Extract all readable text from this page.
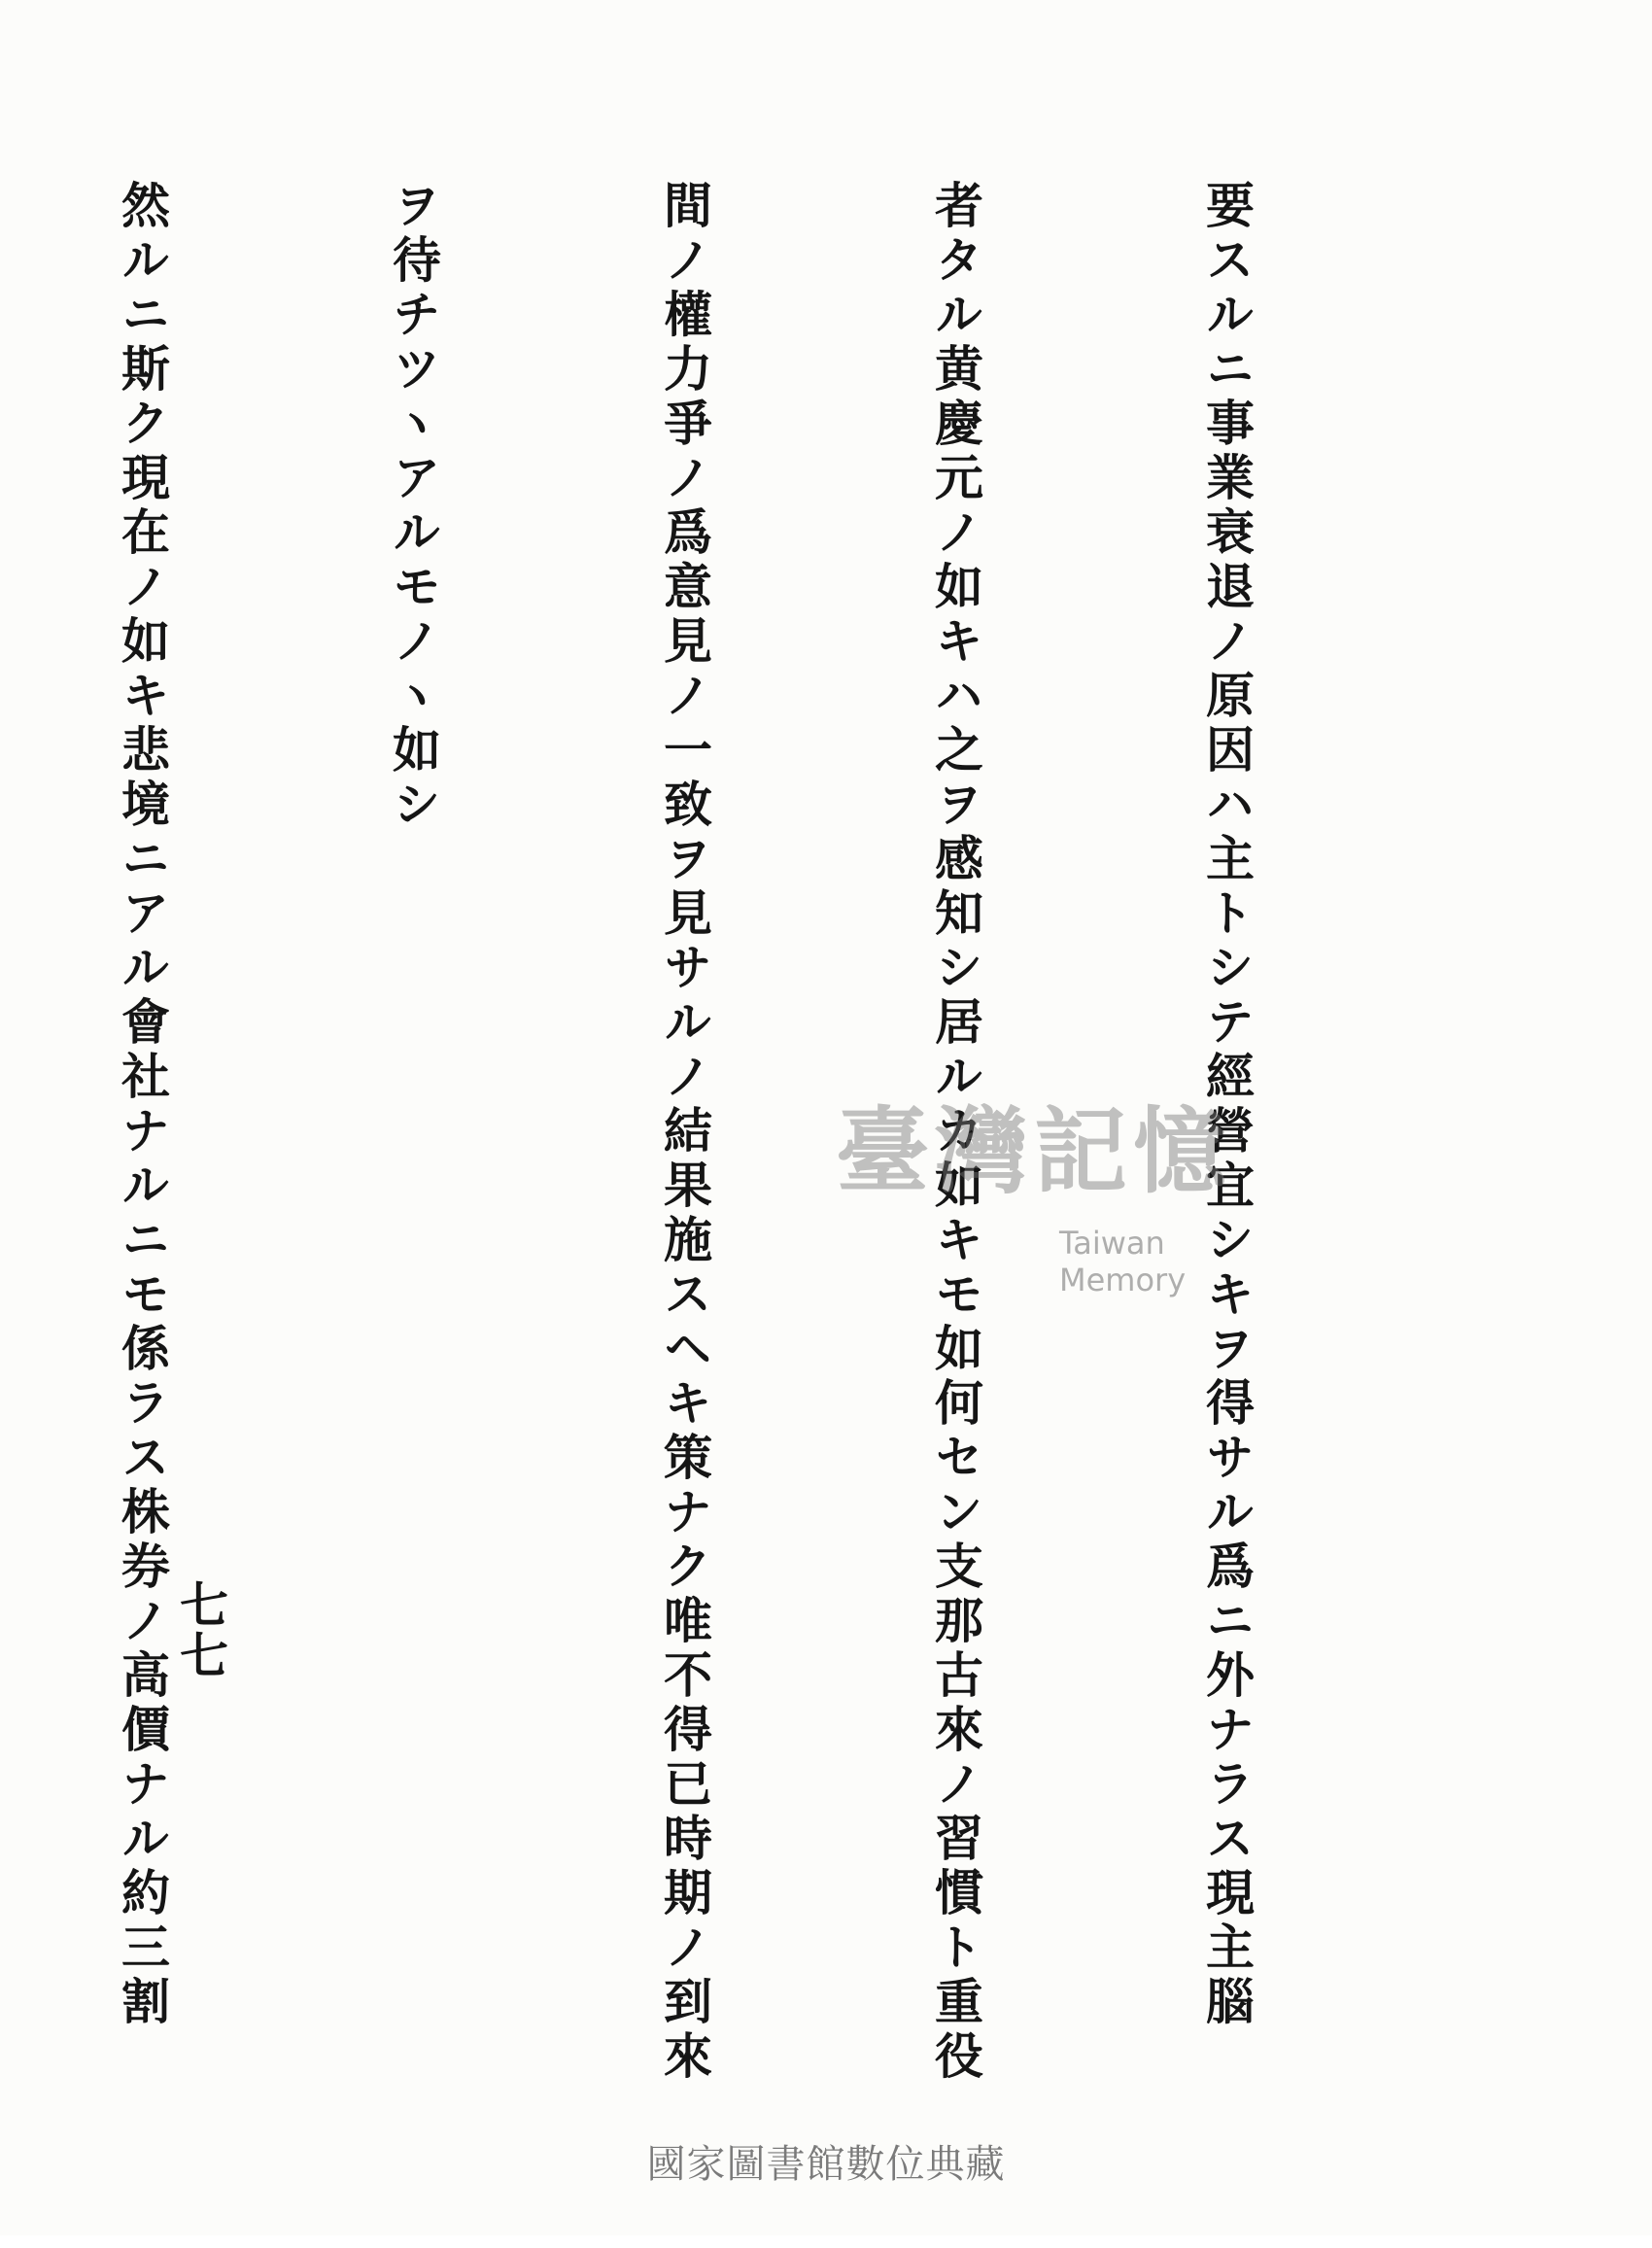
要スルニ事業衰退ノ原因ハ主トシテ經營宜シキヲ得サル爲ニ外ナラス現主腦

者タル黄慶元ノ如キハ之ヲ感知シ居ルカ如キモ如何セン支那古來ノ習慣ト重役

間ノ權力爭ノ爲意見ノ一致ヲ見サルノ結果施スヘキ策ナク唯不得已時期ノ到來

ヲ待チツヽアルモノヽ如シ

然ルニ斯ク現在ノ如キ悲境ニアル會社ナルニモ係ラス株券ノ高價ナル約三割

七七
臺灣記憶
Taiwan Memory
國家圖書館數位典藏
